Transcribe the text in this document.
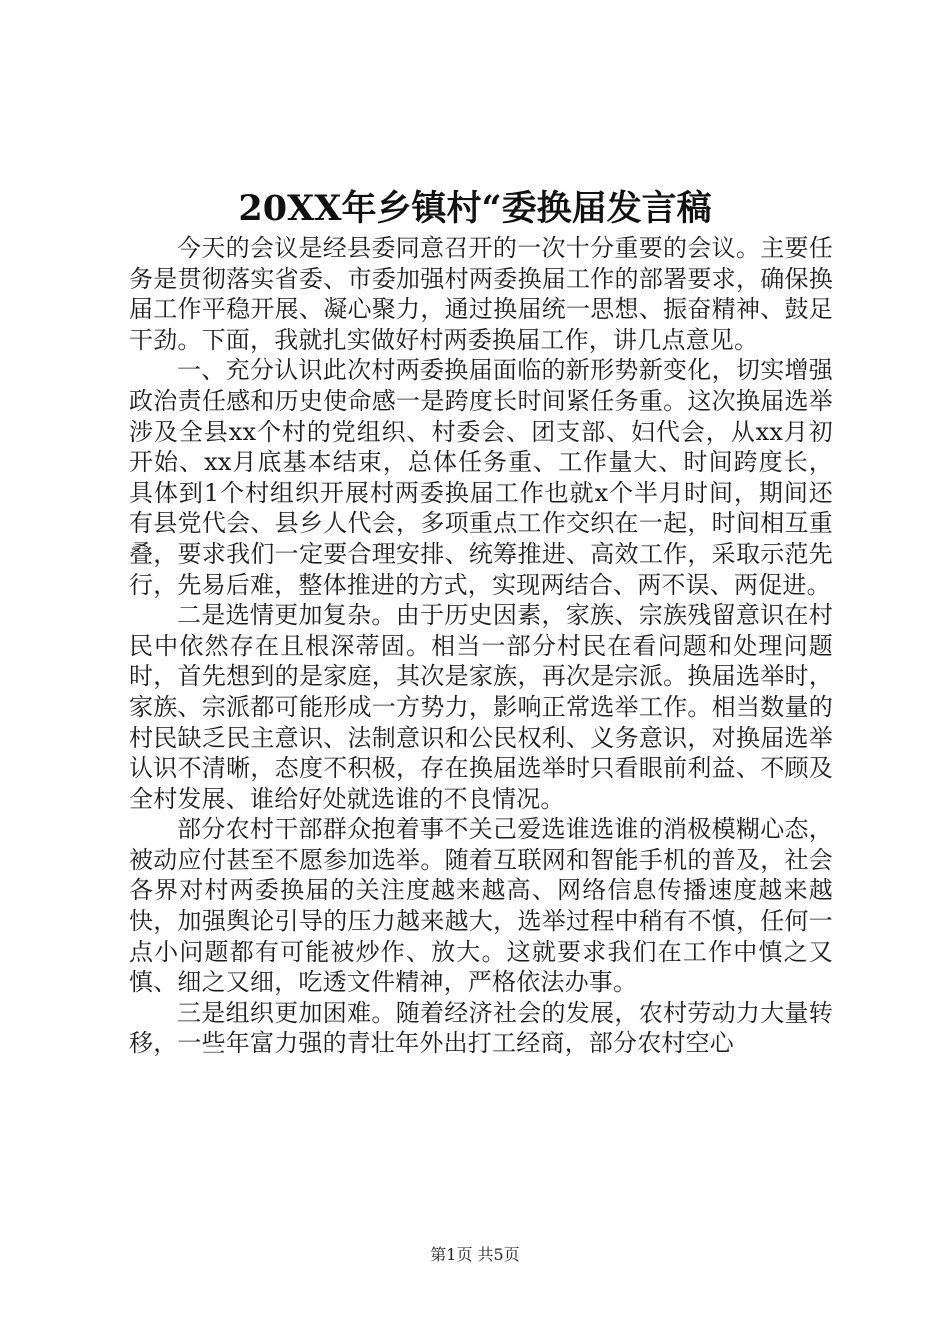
20XX年乡镇村“委换届发言稿

今天的会议是经县委同意召开的一次十分重要的会议。主要任务是贯彻落实省委、市委加强村两委换届工作的部署要求，确保换届工作平稳开展、凝心聚力，通过换届统一思想、振奋精神、鼓足干劲。下面，我就扎实做好村两委换届工作，讲几点意见。

一、充分认识此次村两委换届面临的新形势新变化，切实增强政治责任感和历史使命感一是跨度长时间紧任务重。这次换届选举涉及全县xx个村的党组织、村委会、团支部、妇代会，从xx月初开始、xx月底基本结束，总体任务重、工作量大、时间跨度长，具体到1个村组织开展村两委换届工作也就x个半月时间，期间还有县党代会、县乡人代会，多项重点工作交织在一起，时间相互重叠，要求我们一定要合理安排、统筹推进、高效工作，采取示范先行，先易后难，整体推进的方式，实现两结合、两不误、两促进。

二是选情更加复杂。由于历史因素，家族、宗族残留意识在村民中依然存在且根深蒂固。相当一部分村民在看问题和处理问题时，首先想到的是家庭，其次是家族，再次是宗派。换届选举时，家族、宗派都可能形成一方势力，影响正常选举工作。相当数量的村民缺乏民主意识、法制意识和公民权利、义务意识，对换届选举认识不清晰，态度不积极，存在换届选举时只看眼前利益、不顾及全村发展、谁给好处就选谁的不良情况。

部分农村干部群众抱着事不关己爱选谁选谁的消极模糊心态，被动应付甚至不愿参加选举。随着互联网和智能手机的普及，社会各界对村两委换届的关注度越来越高、网络信息传播速度越来越快，加强舆论引导的压力越来越大，选举过程中稍有不慎，任何一点小问题都有可能被炒作、放大。这就要求我们在工作中慎之又慎、细之又细，吃透文件精神，严格依法办事。

三是组织更加困难。随着经济社会的发展，农村劳动力大量转移，一些年富力强的青壮年外出打工经商，部分农村空心

第1页 共5页
